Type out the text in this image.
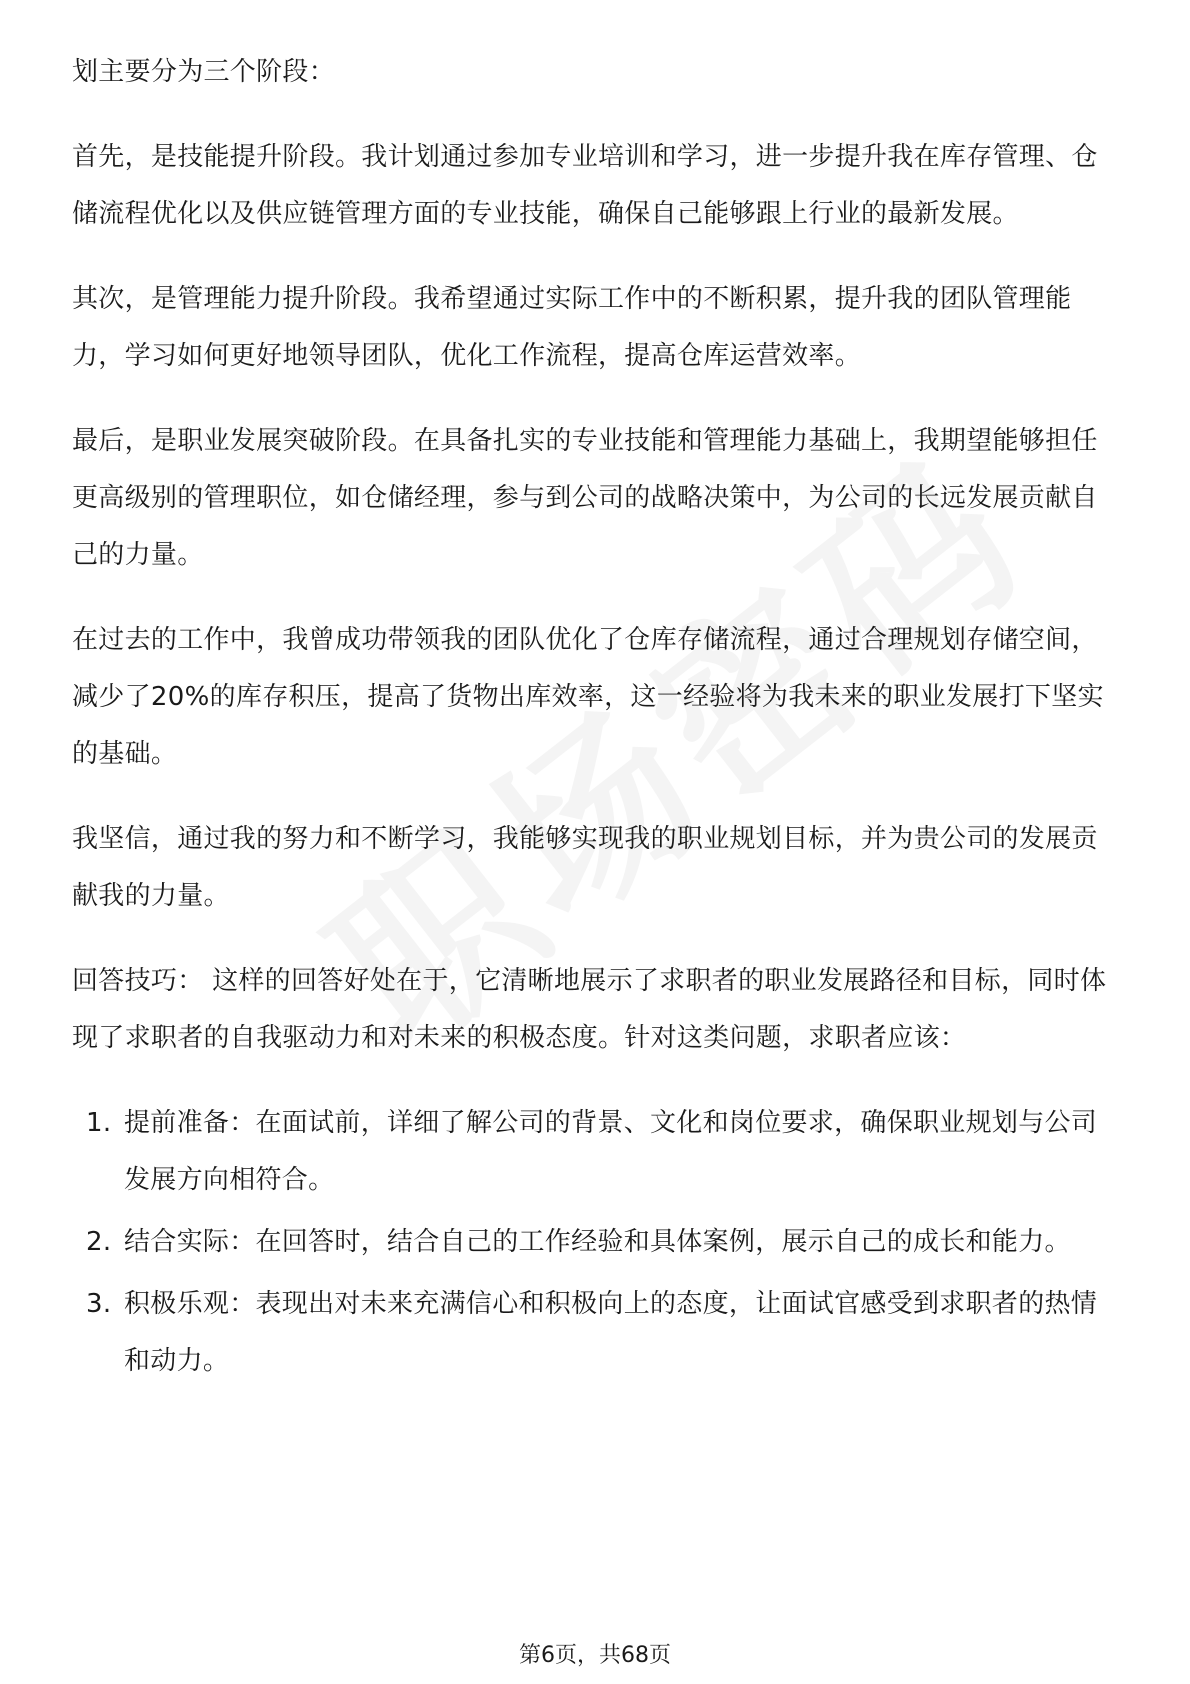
划主要分为三个阶段：

首先，是技能提升阶段。我计划通过参加专业培训和学习，进一步提升我在库存管理、仓储流程优化以及供应链管理方面的专业技能，确保自己能够跟上行业的最新发展。

其次，是管理能力提升阶段。我希望通过实际工作中的不断积累，提升我的团队管理能力，学习如何更好地领导团队，优化工作流程，提高仓库运营效率。

最后，是职业发展突破阶段。在具备扎实的专业技能和管理能力基础上，我期望能够担任更高级别的管理职位，如仓储经理，参与到公司的战略决策中，为公司的长远发展贡献自己的力量。

在过去的工作中，我曾成功带领我的团队优化了仓库存储流程，通过合理规划存储空间，减少了20%的库存积压，提高了货物出库效率，这一经验将为我未来的职业发展打下坚实的基础。

我坚信，通过我的努力和不断学习，我能够实现我的职业规划目标，并为贵公司的发展贡献我的力量。

回答技巧： 这样的回答好处在于，它清晰地展示了求职者的职业发展路径和目标，同时体现了求职者的自我驱动力和对未来的积极态度。针对这类问题，求职者应该：

1. 提前准备：在面试前，详细了解公司的背景、文化和岗位要求，确保职业规划与公司发展方向相符合。
2. 结合实际：在回答时，结合自己的工作经验和具体案例，展示自己的成长和能力。
3. 积极乐观：表现出对未来充满信心和积极向上的态度，让面试官感受到求职者的热情和动力。
第6页，共68页
